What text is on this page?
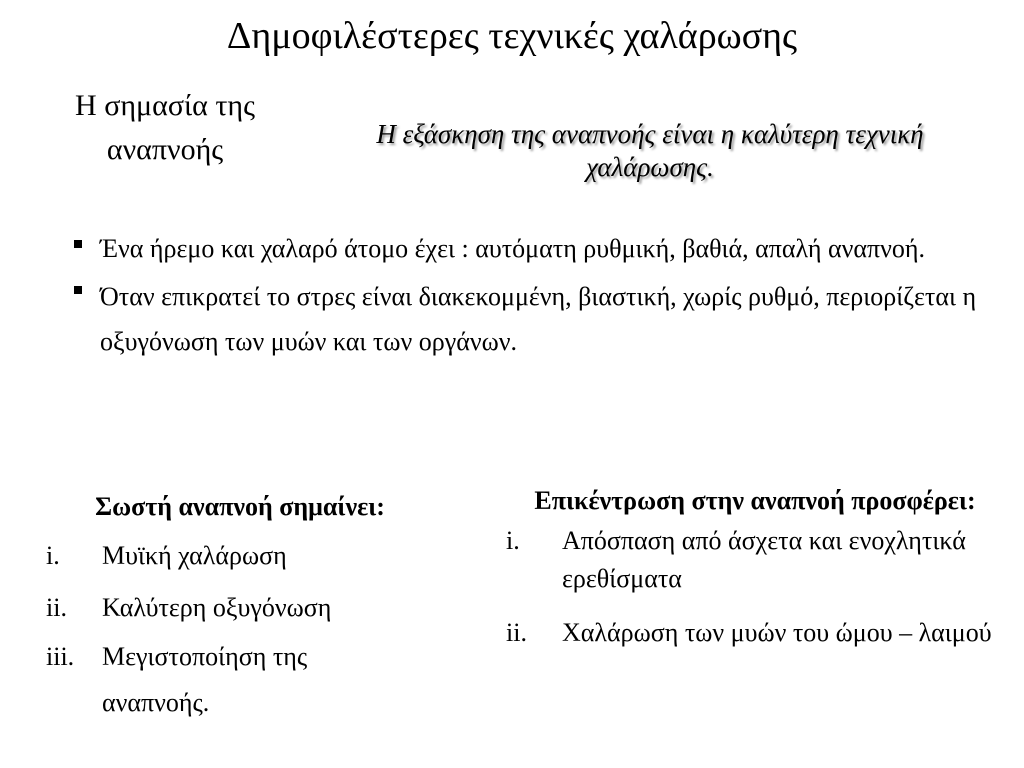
Δημοφιλέστερες τεχνικές χαλάρωσης
Η σημασία της αναπνοής	Η εξάσκηση της αναπνοής είναι η καλύτερη τεχνική χαλάρωσης.
Ένα ήρεμο και χαλαρό άτομο έχει : αυτόματη ρυθμική, βαθιά, απαλή αναπνοή.
Όταν επικρατεί το στρες είναι διακεκομμένη, βιαστική, χωρίς ρυθμό, περιορίζεται η οξυγόνωση των μυών και των οργάνων.
Σωστή αναπνοή σημαίνει:
i. Μυϊκή χαλάρωση
ii. Καλύτερη οξυγόνωση
iii. Μεγιστοποίηση της αναπνοής.
Επικέντρωση στην αναπνοή προσφέρει:
i. Απόσπαση από άσχετα και ενοχλητικά ερεθίσματα
ii. Χαλάρωση των μυών του ώμου – λαιμού
